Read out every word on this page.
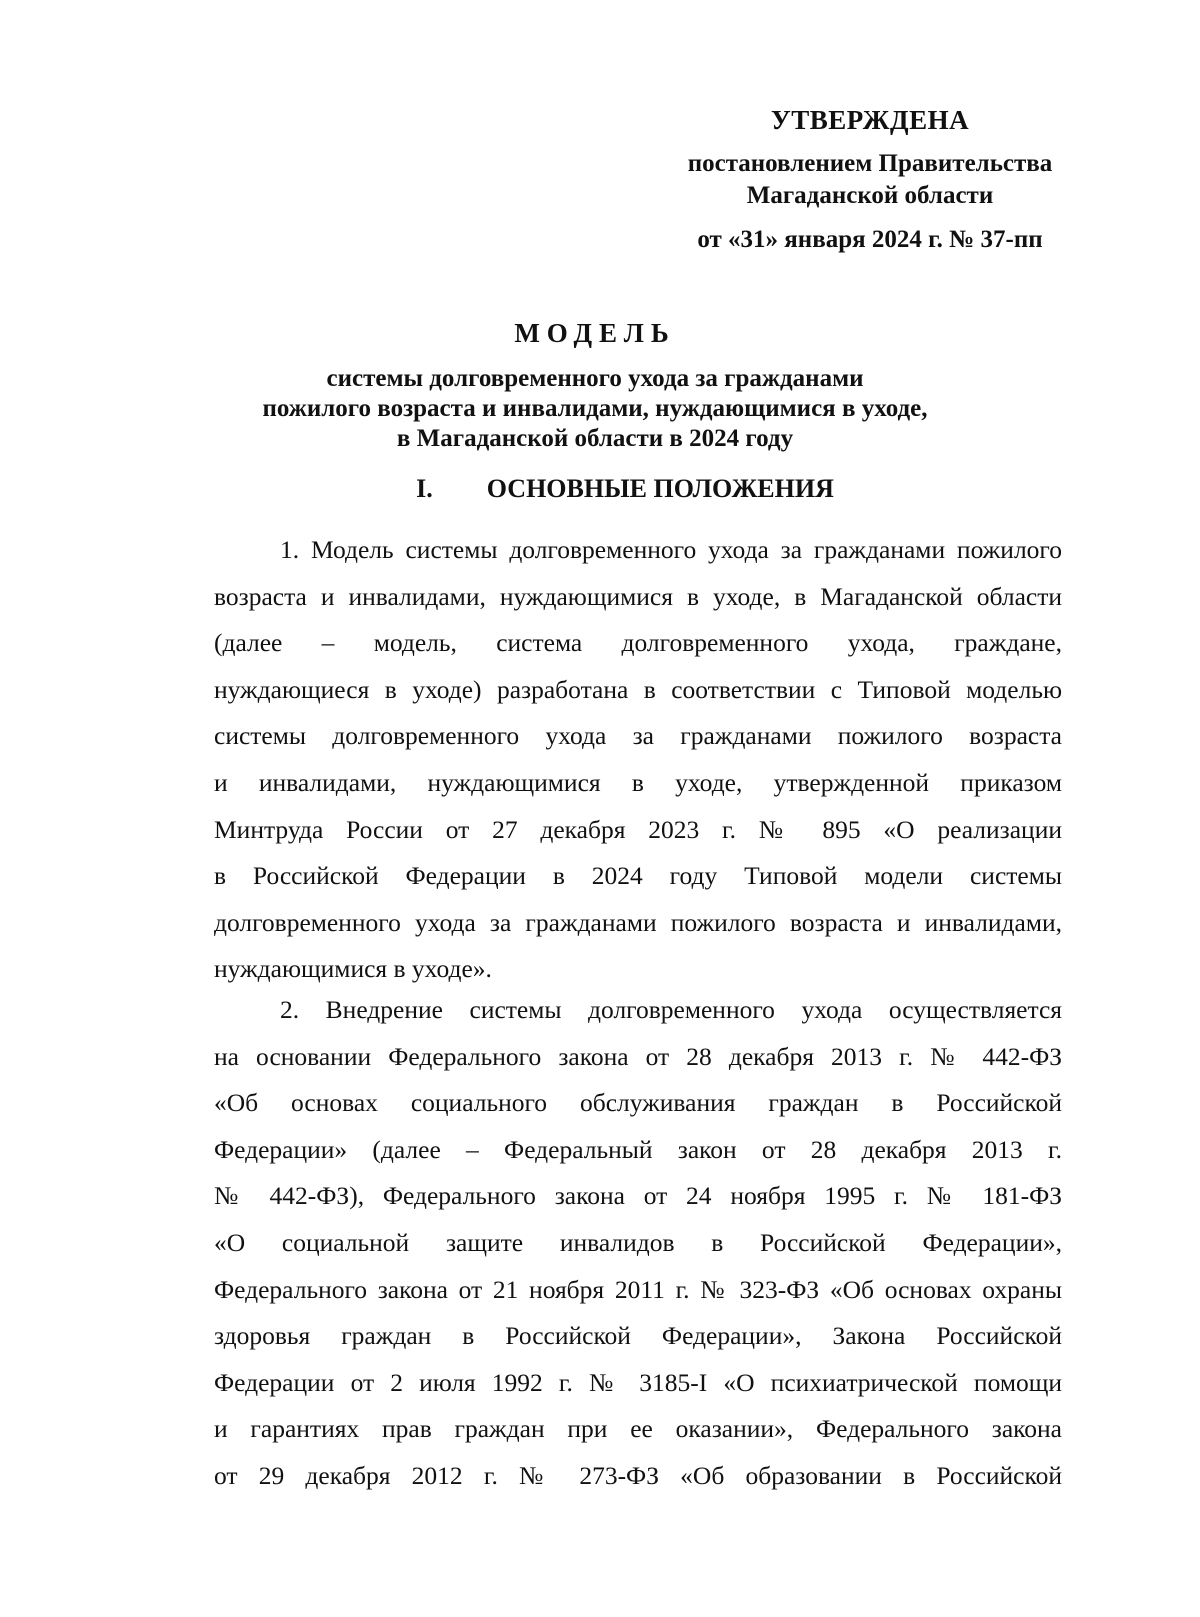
УТВЕРЖДЕНА
постановлением Правительства
Магаданской области
от «31» января 2024 г. № 37-пп
МОДЕЛЬ
системы долговременного ухода за гражданами
пожилого возраста и инвалидами, нуждающимися в уходе,
в Магаданской области в 2024 году
I. ОСНОВНЫЕ ПОЛОЖЕНИЯ
1. Модель системы долговременного ухода за гражданами пожилого
возраста и инвалидами, нуждающимися в уходе, в Магаданской области
(далее – модель, система долговременного ухода, граждане,
нуждающиеся в уходе) разработана в соответствии с Типовой моделью
системы долговременного ухода за гражданами пожилого возраста
и инвалидами, нуждающимися в уходе, утвержденной приказом
Минтруда России от 27 декабря 2023 г. № 895 «О реализации
в Российской Федерации в 2024 году Типовой модели системы
долговременного ухода за гражданами пожилого возраста и инвалидами,
нуждающимися в уходе».
2. Внедрение системы долговременного ухода осуществляется
на основании Федерального закона от 28 декабря 2013 г. № 442-ФЗ
«Об основах социального обслуживания граждан в Российской
Федерации» (далее – Федеральный закон от 28 декабря 2013 г.
№ 442-ФЗ), Федерального закона от 24 ноября 1995 г. № 181-ФЗ
«О социальной защите инвалидов в Российской Федерации»,
Федерального закона от 21 ноября 2011 г. № 323-ФЗ «Об основах охраны
здоровья граждан в Российской Федерации», Закона Российской
Федерации от 2 июля 1992 г. № 3185-I «О психиатрической помощи
и гарантиях прав граждан при ее оказании», Федерального закона
от 29 декабря 2012 г. № 273-ФЗ «Об образовании в Российской
